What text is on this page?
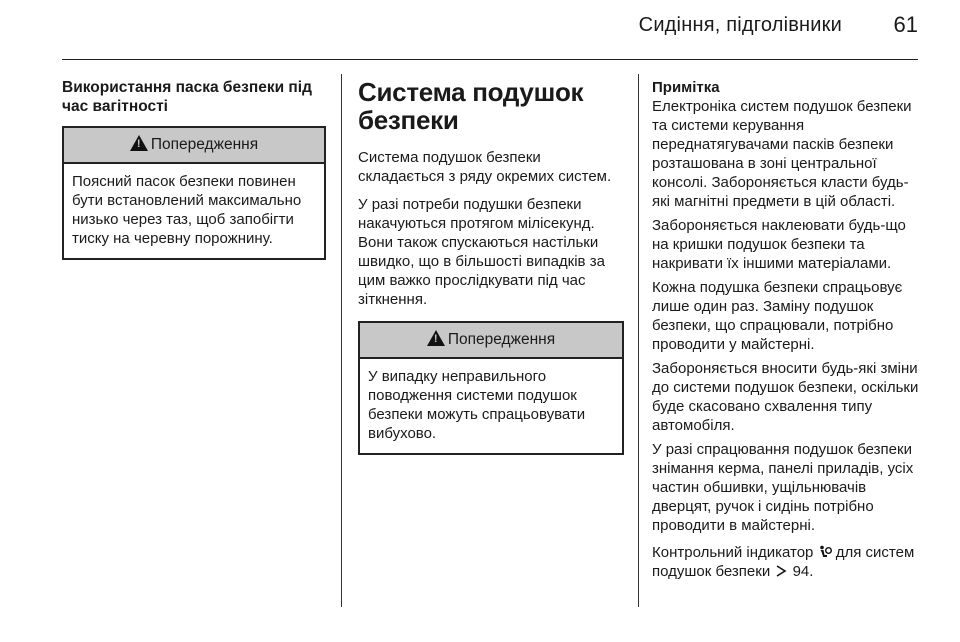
Сидіння, підголівники 61
Використання паска безпеки під час вагітності
! Попередження
Поясний пасок безпеки повинен бути встановлений максимально низько через таз, щоб запобігти тиску на черевну порожнину.
Система подушок безпеки

Система подушок безпеки складається з ряду окремих систем.

У разі потреби подушки безпеки накачуються протягом мілісекунд. Вони також спускаються настільки швидко, що в більшості випадків за цим важко прослідкувати під час зіткнення.

! Попередження
У випадку неправильного поводження системи подушок безпеки можуть спрацьовувати вибухово.
Примітка

Електроніка систем подушок безпеки та системи керування переднатягувачами пасків безпеки розташована в зоні центральної консолі. Забороняється класти будь-які магнітні предмети в цій області.

Забороняється наклеювати будь-що на кришки подушок безпеки та накривати їх іншими матеріалами.

Кожна подушка безпеки спрацьовує лише один раз. Заміну подушок безпеки, що спрацювали, потрібно проводити у майстерні.

Забороняється вносити будь-які зміни до системи подушок безпеки, оскільки буде скасовано схвалення типу автомобіля.

У разі спрацювання подушок безпеки знімання керма, панелі приладів, усіх частин обшивки, ущільнювачів дверцят, ручок і сидінь потрібно проводити в майстерні.

Контрольний індикатор для систем подушок безпеки 94.
